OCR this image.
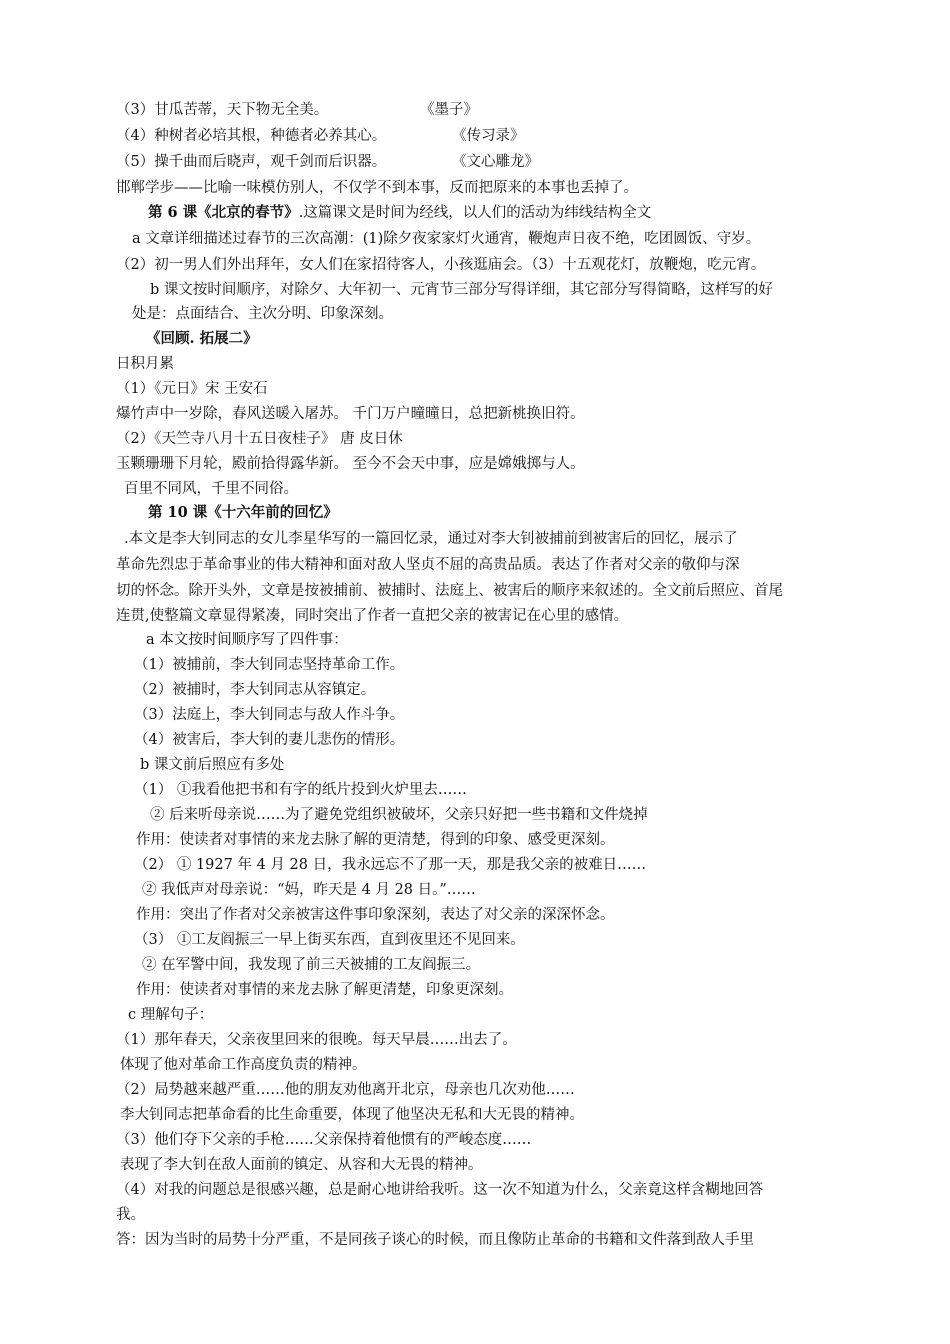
（3）甘瓜苦蒂，天下物无全美。	《墨子》
（4）种树者必培其根，种德者必养其心。	《传习录》
（5）操千曲而后晓声，观千剑而后识器。	《文心雕龙》
邯郸学步——比喻一味模仿别人，不仅学不到本事，反而把原来的本事也丢掉了。
第 6 课《北京的春节》.这篇课文是时间为经线，以人们的活动为纬线结构全文
a 文章详细描述过春节的三次高潮：(1)除夕夜家家灯火通宵，鞭炮声日夜不绝，吃团圆饭、守岁。
（2）初一男人们外出拜年，女人们在家招待客人，小孩逛庙会。（3）十五观花灯，放鞭炮，吃元宵。
b 课文按时间顺序，对除夕、大年初一、元宵节三部分写得详细，其它部分写得简略，这样写的好
处是：点面结合、主次分明、印象深刻。
《回顾. 拓展二》
日积月累
（1）《元日》宋 王安石
爆竹声中一岁除，春风送暖入屠苏。 千门万户曈曈日，总把新桃换旧符。
（2）《天竺寺八月十五日夜桂子》 唐 皮日休
玉颗珊珊下月轮，殿前拾得露华新。 至今不会天中事，应是嫦娥掷与人。
百里不同风，千里不同俗。
第 10 课《十六年前的回忆》
.本文是李大钊同志的女儿李星华写的一篇回忆录，通过对李大钊被捕前到被害后的回忆，展示了
革命先烈忠于革命事业的伟大精神和面对敌人坚贞不屈的高贵品质。表达了作者对父亲的敬仰与深
切的怀念。除开头外，文章是按被捕前、被捕时、法庭上、被害后的顺序来叙述的。全文前后照应、首尾
连贯,使整篇文章显得紧凑，同时突出了作者一直把父亲的被害记在心里的感情。
a 本文按时间顺序写了四件事：
（1）被捕前，李大钊同志坚持革命工作。
（2）被捕时，李大钊同志从容镇定。
（3）法庭上，李大钊同志与敌人作斗争。
（4）被害后，李大钊的妻儿悲伤的情形。
b 课文前后照应有多处
（1） ①我看他把书和有字的纸片投到火炉里去……
② 后来听母亲说……为了避免党组织被破坏，父亲只好把一些书籍和文件烧掉
作用：使读者对事情的来龙去脉了解的更清楚，得到的印象、感受更深刻。
（2） ① 1927 年 4 月 28 日，我永远忘不了那一天，那是我父亲的被难日……
② 我低声对母亲说：“妈，昨天是 4 月 28 日。”……
作用：突出了作者对父亲被害这件事印象深刻，表达了对父亲的深深怀念。
（3） ①工友阎振三一早上街买东西，直到夜里还不见回来。
② 在军警中间，我发现了前三天被捕的工友阎振三。
作用：使读者对事情的来龙去脉了解更清楚，印象更深刻。
c 理解句子：
（1）那年春天，父亲夜里回来的很晚。每天早晨……出去了。
体现了他对革命工作高度负责的精神。
（2）局势越来越严重……他的朋友劝他离开北京，母亲也几次劝他……
李大钊同志把革命看的比生命重要，体现了他坚决无私和大无畏的精神。
（3）他们夺下父亲的手枪……父亲保持着他惯有的严峻态度……
表现了李大钊在敌人面前的镇定、从容和大无畏的精神。
（4）对我的问题总是很感兴趣，总是耐心地讲给我听。这一次不知道为什么，父亲竟这样含糊地回答
我。
答：因为当时的局势十分严重，不是同孩子谈心的时候，而且像防止革命的书籍和文件落到敌人手里
